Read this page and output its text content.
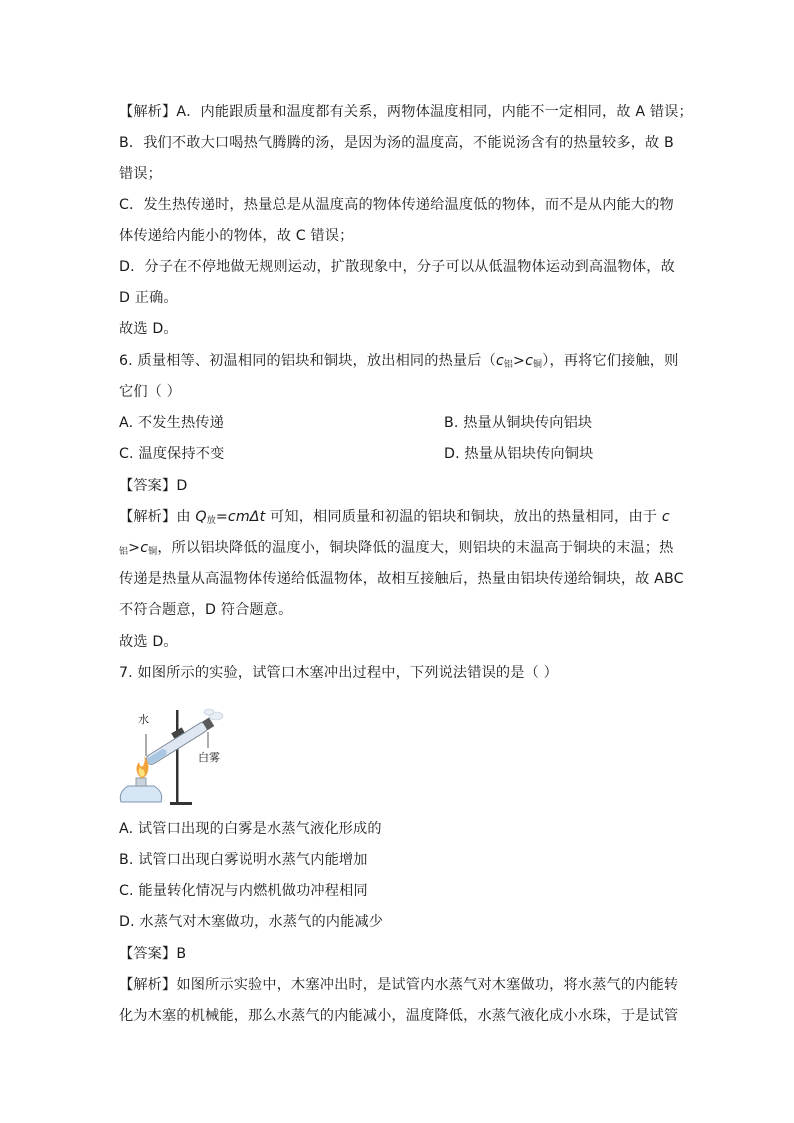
【解析】A．内能跟质量和温度都有关系，两物体温度相同，内能不一定相同，故 A 错误；
B．我们不敢大口喝热气腾腾的汤，是因为汤的温度高，不能说汤含有的热量较多，故 B
错误；
C．发生热传递时，热量总是从温度高的物体传递给温度低的物体，而不是从内能大的物
体传递给内能小的物体，故 C 错误；
D．分子在不停地做无规则运动，扩散现象中，分子可以从低温物体运动到高温物体，故
D 正确。
故选 D。
6. 质量相等、初温相同的铝块和铜块，放出相同的热量后$(c_铝>c_铜)$，再将它们接触，则
它们（ ）
A. 不发生热传递	B. 热量从铜块传向铝块
C. 温度保持不变	D. 热量从铝块传向铜块
【答案】D
【解析】由 $Q_放=cm\Delta t$ 可知，相同质量和初温的铝块和铜块，放出的热量相同，由于 c
$_铝>c_铜$，所以铝块降低的温度小，铜块降低的温度大，则铝块的末温高于铜块的末温；热
传递是热量从高温物体传递给低温物体，故相互接触后，热量由铝块传递给铜块，故 ABC
不符合题意，D 符合题意。
故选 D。
7. 如图所示的实验，试管口木塞冲出过程中，下列说法错误的是（ ）
水
白雾
A. 试管口出现的白雾是水蒸气液化形成的
B. 试管口出现白雾说明水蒸气内能增加
C. 能量转化情况与内燃机做功冲程相同
D. 水蒸气对木塞做功，水蒸气的内能减少
【答案】B
【解析】如图所示实验中，木塞冲出时，是试管内水蒸气对木塞做功，将水蒸气的内能转
化为木塞的机械能，那么水蒸气的内能减小，温度降低，水蒸气液化成小水珠，于是试管
